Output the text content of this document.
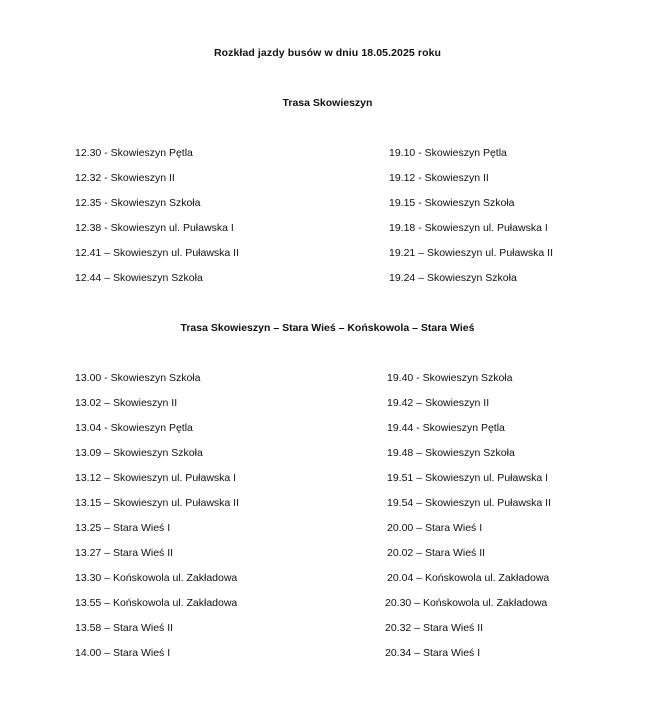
Rozkład jazdy busów w dniu 18.05.2025 roku
Trasa Skowieszyn
12.30 - Skowieszyn Pętla
12.32 - Skowieszyn II
12.35 - Skowieszyn Szkoła
12.38 - Skowieszyn ul. Puławska I
12.41 – Skowieszyn ul. Puławska II
12.44 – Skowieszyn Szkoła
19.10 - Skowieszyn Pętla
19.12 - Skowieszyn II
19.15 - Skowieszyn Szkoła
19.18 - Skowieszyn ul. Puławska I
19.21 – Skowieszyn ul. Puławska II
19.24 – Skowieszyn Szkoła
Trasa Skowieszyn – Stara Wieś – Końskowola – Stara Wieś
13.00 - Skowieszyn Szkoła
13.02 – Skowieszyn II
13.04 - Skowieszyn Pętla
13.09 – Skowieszyn Szkoła
13.12 – Skowieszyn ul. Puławska I
13.15 – Skowieszyn ul. Puławska II
13.25 – Stara Wieś I
13.27 – Stara Wieś II
13.30 – Końskowola ul. Zakładowa
13.55 – Końskowola ul. Zakładowa
13.58 – Stara Wieś II
14.00 – Stara Wieś I
19.40 - Skowieszyn Szkoła
19.42 – Skowieszyn II
19.44 - Skowieszyn Pętla
19.48 – Skowieszyn Szkoła
19.51 – Skowieszyn ul. Puławska I
19.54 – Skowieszyn ul. Puławska II
20.00 – Stara Wieś I
20.02 – Stara Wieś II
20.04 – Końskowola ul. Zakładowa
20.30 – Końskowola ul. Zakładowa
20.32 – Stara Wieś II
20.34 – Stara Wieś I
